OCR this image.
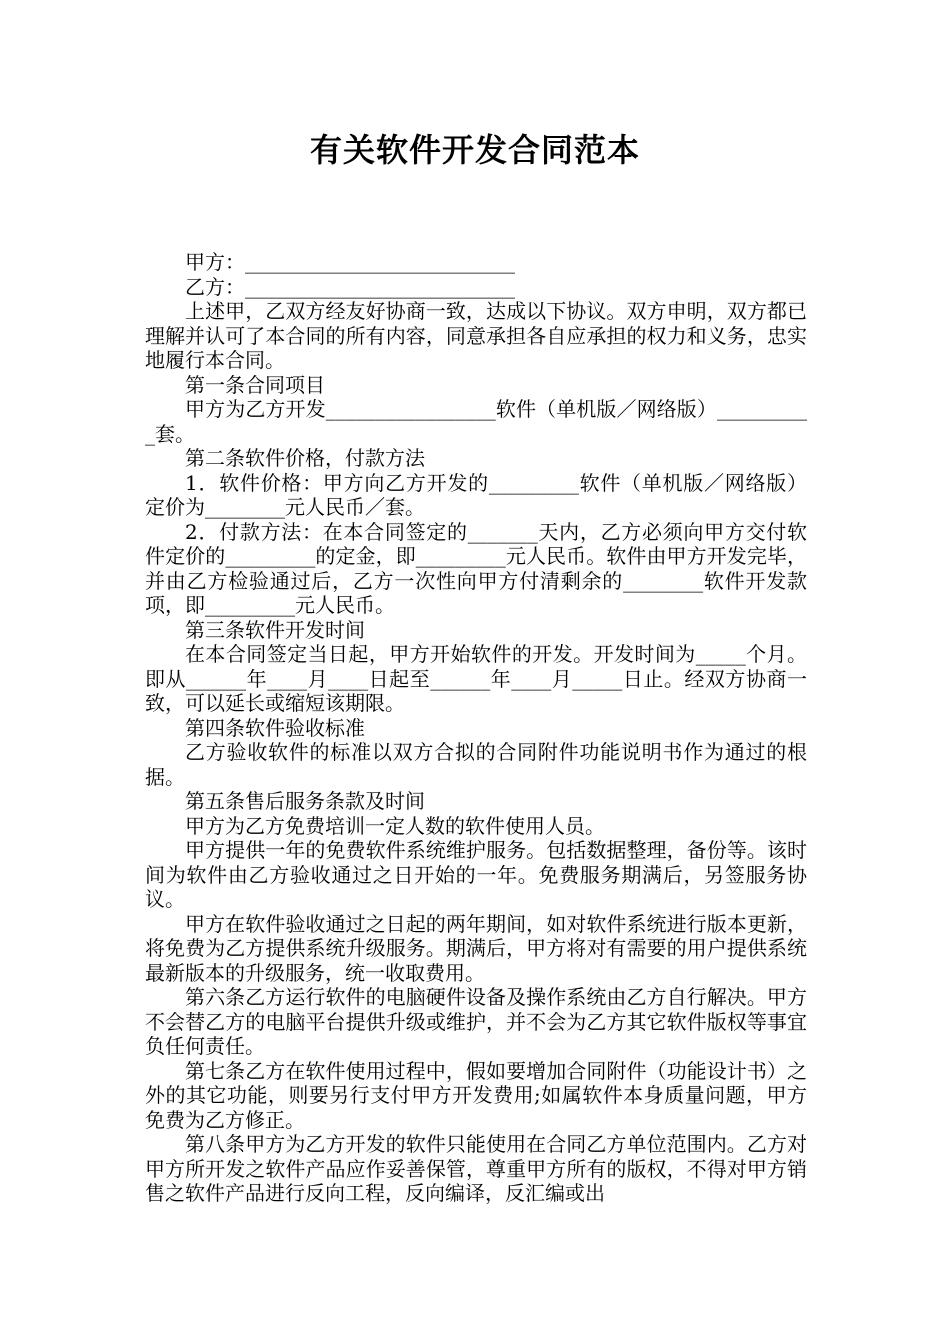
有关软件开发合同范本

甲方：___________________________

乙方：___________________________

上述甲，乙双方经友好协商一致，达成以下协议。双方申明，双方都已理解并认可了本合同的所有内容，同意承担各自应承担的权力和义务，忠实地履行本合同。

第一条合同项目

甲方为乙方开发_________________软件（单机版／网络版）__________套。

第二条软件价格，付款方法

1．软件价格：甲方向乙方开发的_________软件（单机版／网络版）定价为________元人民币／套。

2．付款方法：在本合同签定的_______天内，乙方必须向甲方交付软件定价的_________的定金，即_________元人民币。软件由甲方开发完毕，并由乙方检验通过后，乙方一次性向甲方付清剩余的________软件开发款项，即_________元人民币。

第三条软件开发时间

在本合同签定当日起，甲方开始软件的开发。开发时间为_____个月。即从______年____月____日起至______年____月_____日止。经双方协商一致，可以延长或缩短该期限。

第四条软件验收标准

乙方验收软件的标准以双方合拟的合同附件功能说明书作为通过的根据。

第五条售后服务条款及时间

甲方为乙方免费培训一定人数的软件使用人员。

甲方提供一年的免费软件系统维护服务。包括数据整理，备份等。该时间为软件由乙方验收通过之日开始的一年。免费服务期满后，另签服务协议。

甲方在软件验收通过之日起的两年期间，如对软件系统进行版本更新，将免费为乙方提供系统升级服务。期满后，甲方将对有需要的用户提供系统最新版本的升级服务，统一收取费用。

第六条乙方运行软件的电脑硬件设备及操作系统由乙方自行解决。甲方不会替乙方的电脑平台提供升级或维护，并不会为乙方其它软件版权等事宜负任何责任。

第七条乙方在软件使用过程中，假如要增加合同附件（功能设计书）之外的其它功能，则要另行支付甲方开发费用;如属软件本身质量问题，甲方免费为乙方修正。

第八条甲方为乙方开发的软件只能使用在合同乙方单位范围内。乙方对甲方所开发之软件产品应作妥善保管，尊重甲方所有的版权，不得对甲方销售之软件产品进行反向工程，反向编译，反汇编或出
